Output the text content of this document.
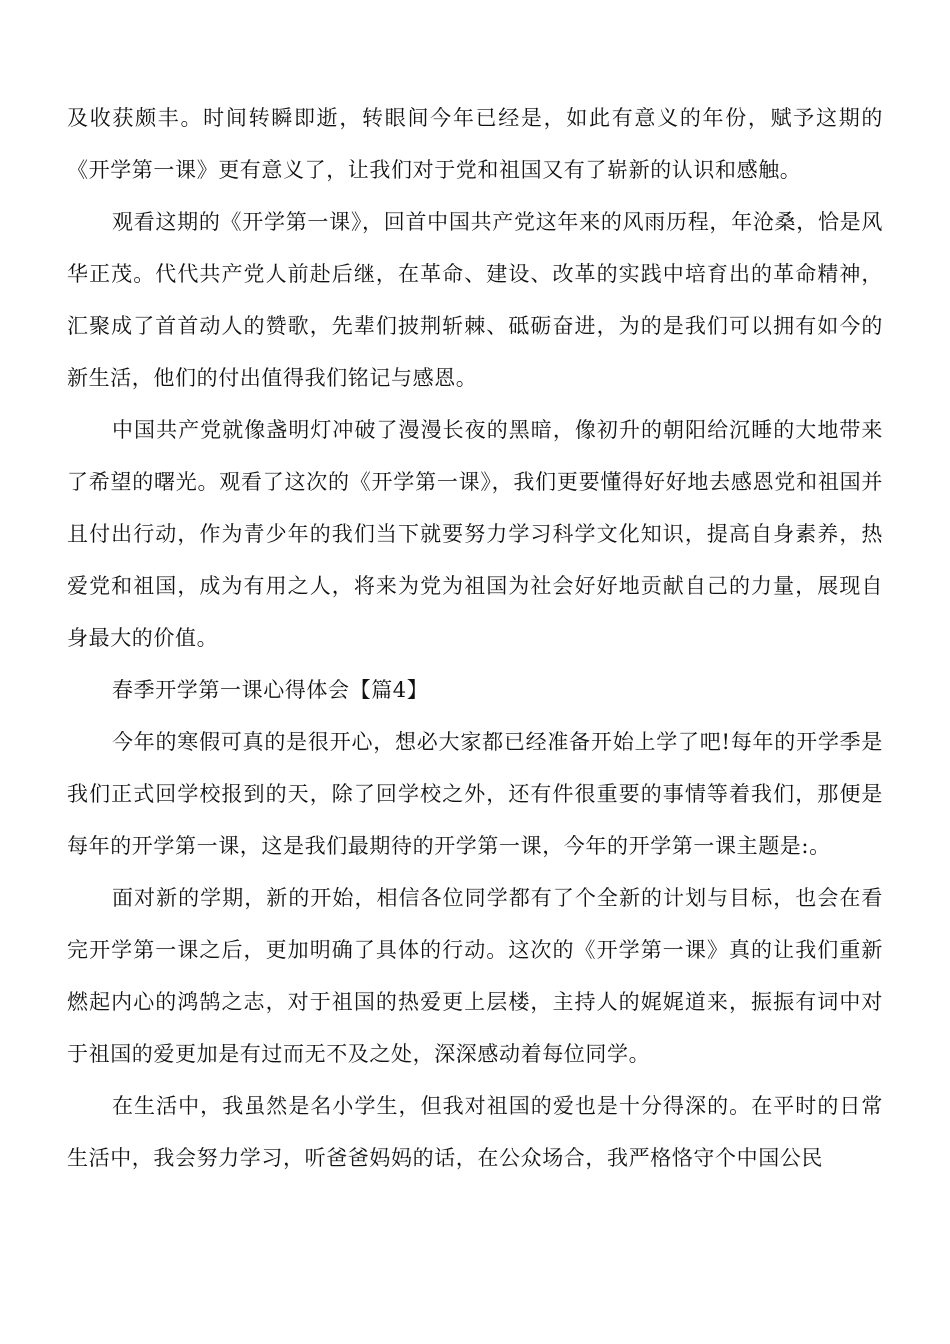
及收获颇丰。时间转瞬即逝，转眼间今年已经是，如此有意义的年份，赋予这期的《开学第一课》更有意义了，让我们对于党和祖国又有了崭新的认识和感触。

观看这期的《开学第一课》，回首中国共产党这年来的风雨历程，年沧桑，恰是风华正茂。代代共产党人前赴后继，在革命、建设、改革的实践中培育出的革命精神，汇聚成了首首动人的赞歌，先辈们披荆斩棘、砥砺奋进，为的是我们可以拥有如今的新生活，他们的付出值得我们铭记与感恩。

中国共产党就像盏明灯冲破了漫漫长夜的黑暗，像初升的朝阳给沉睡的大地带来了希望的曙光。观看了这次的《开学第一课》，我们更要懂得好好地去感恩党和祖国并且付出行动，作为青少年的我们当下就要努力学习科学文化知识，提高自身素养，热爱党和祖国，成为有用之人，将来为党为祖国为社会好好地贡献自己的力量，展现自身最大的价值。

春季开学第一课心得体会【篇4】

今年的寒假可真的是很开心，想必大家都已经准备开始上学了吧!每年的开学季是我们正式回学校报到的天，除了回学校之外，还有件很重要的事情等着我们，那便是每年的开学第一课，这是我们最期待的开学第一课，今年的开学第一课主题是:。

面对新的学期，新的开始，相信各位同学都有了个全新的计划与目标，也会在看完开学第一课之后，更加明确了具体的行动。这次的《开学第一课》真的让我们重新燃起内心的鸿鹄之志，对于祖国的热爱更上层楼，主持人的娓娓道来，振振有词中对于祖国的爱更加是有过而无不及之处，深深感动着每位同学。

在生活中，我虽然是名小学生，但我对祖国的爱也是十分得深的。在平时的日常生活中，我会努力学习，听爸爸妈妈的话，在公众场合，我严格恪守个中国公民
